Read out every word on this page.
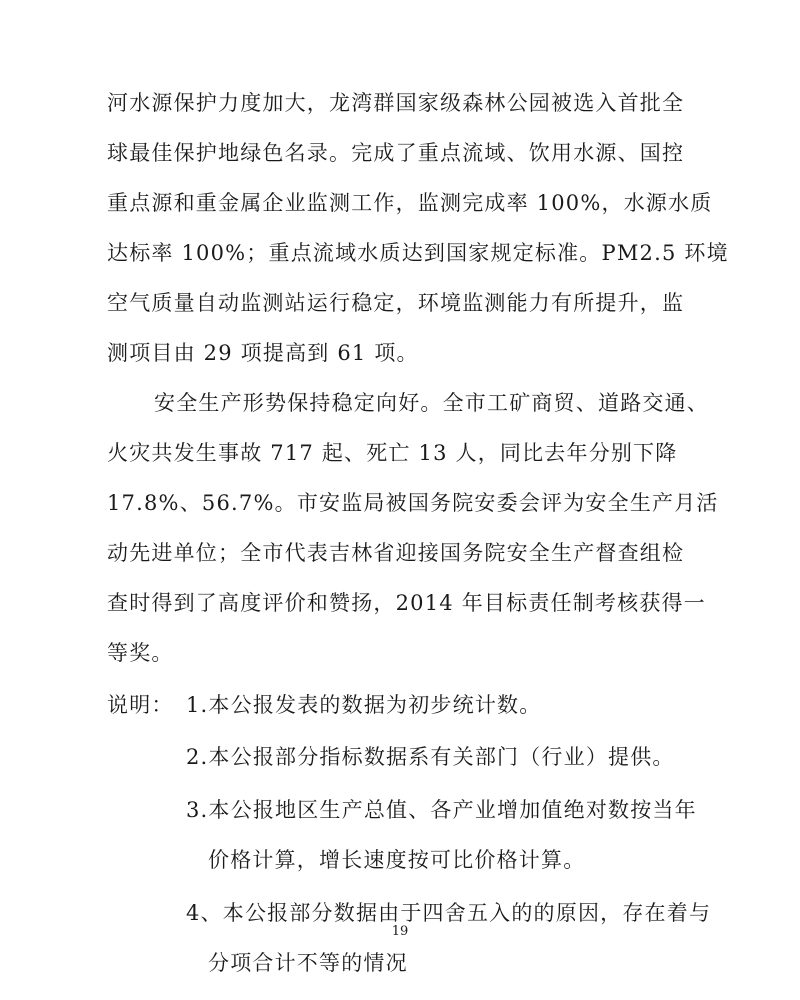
河水源保护力度加大，龙湾群国家级森林公园被选入首批全
球最佳保护地绿色名录。完成了重点流域、饮用水源、国控
重点源和重金属企业监测工作，监测完成率 100%，水源水质
达标率 100%；重点流域水质达到国家规定标准。PM2.5 环境
空气质量自动监测站运行稳定，环境监测能力有所提升，监
测项目由 29 项提高到 61 项。
安全生产形势保持稳定向好。全市工矿商贸、道路交通、
火灾共发生事故 717 起、死亡 13 人，同比去年分别下降
17.8%、56.7%。市安监局被国务院安委会评为安全生产月活
动先进单位；全市代表吉林省迎接国务院安全生产督查组检
查时得到了高度评价和赞扬，2014 年目标责任制考核获得一
等奖。
说明： 1.本公报发表的数据为初步统计数。
2.本公报部分指标数据系有关部门（行业）提供。
3.本公报地区生产总值、各产业增加值绝对数按当年
价格计算，增长速度按可比价格计算。
4、本公报部分数据由于四舍五入的的原因，存在着与
分项合计不等的情况
19
